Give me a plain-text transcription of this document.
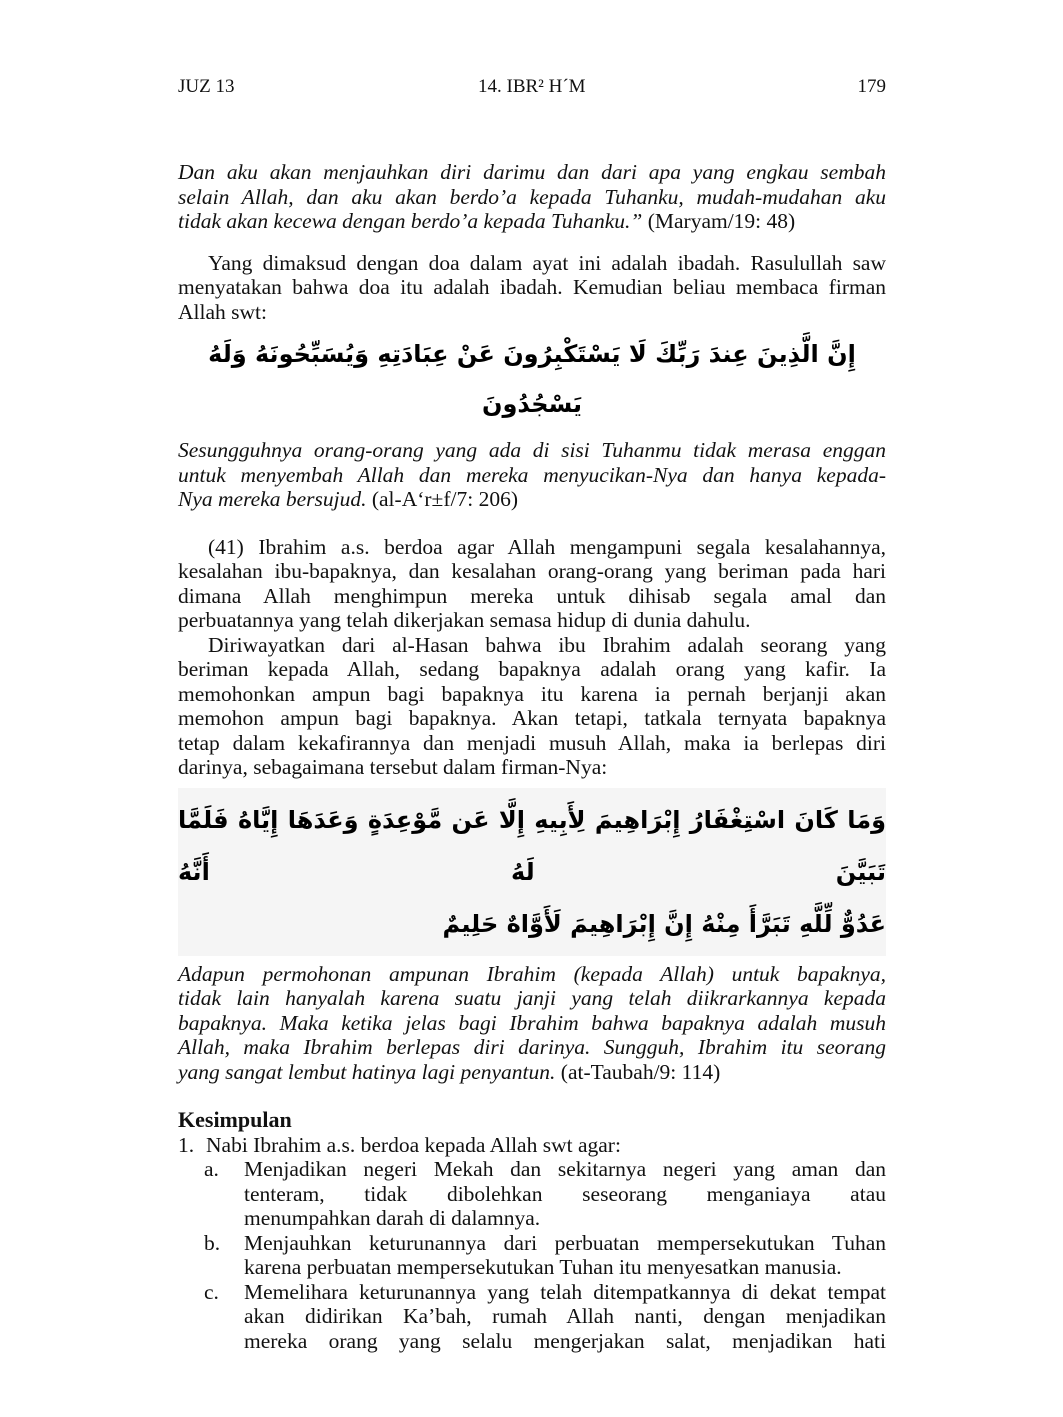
JUZ 13	14. IBR² H´M	179
Dan aku akan menjauhkan diri darimu dan dari apa yang engkau sembah
selain Allah, dan aku akan berdo’a kepada Tuhanku, mudah-mudahan aku
tidak akan kecewa dengan berdo’a kepada Tuhanku.” (Maryam/19: 48)
Yang dimaksud dengan doa dalam ayat ini adalah ibadah. Rasulullah saw
menyatakan bahwa doa itu adalah ibadah. Kemudian beliau membaca firman
Allah swt:
إِنَّ الَّذِينَ عِندَ رَبِّكَ لَا يَسْتَكْبِرُونَ عَنْ عِبَادَتِهِ وَيُسَبِّحُونَهُ وَلَهُ يَسْجُدُونَ
Sesungguhnya orang-orang yang ada di sisi Tuhanmu tidak merasa enggan
untuk menyembah Allah dan mereka menyucikan-Nya dan hanya kepada-
Nya mereka bersujud. (al-A‘r±f/7: 206)
(41) Ibrahim a.s. berdoa agar Allah mengampuni segala kesalahannya,
kesalahan ibu-bapaknya, dan kesalahan orang-orang yang beriman pada hari
dimana Allah menghimpun mereka untuk dihisab segala amal dan
perbuatannya yang telah dikerjakan semasa hidup di dunia dahulu.
Diriwayatkan dari al-Hasan bahwa ibu Ibrahim adalah seorang yang
beriman kepada Allah, sedang bapaknya adalah orang yang kafir. Ia
memohonkan ampun bagi bapaknya itu karena ia pernah berjanji akan
memohon ampun bagi bapaknya. Akan tetapi, tatkala ternyata bapaknya
tetap dalam kekafirannya dan menjadi musuh Allah, maka ia berlepas diri
darinya, sebagaimana tersebut dalam firman-Nya:
وَمَا كَانَ اسْتِغْفَارُ إِبْرَاهِيمَ لِأَبِيهِ إِلَّا عَن مَّوْعِدَةٍ وَعَدَهَا إِيَّاهُ فَلَمَّا تَبَيَّنَ لَهُ أَنَّهُ
عَدُوٌّ لِّلَّهِ تَبَرَّأَ مِنْهُ إِنَّ إِبْرَاهِيمَ لَأَوَّاهٌ حَلِيمٌ
Adapun permohonan ampunan Ibrahim (kepada Allah) untuk bapaknya,
tidak lain hanyalah karena suatu janji yang telah diikrarkannya kepada
bapaknya. Maka ketika jelas bagi Ibrahim bahwa bapaknya adalah musuh
Allah, maka Ibrahim berlepas diri darinya. Sungguh, Ibrahim itu seorang
yang sangat lembut hatinya lagi penyantun. (at-Taubah/9: 114)
Kesimpulan
1. Nabi Ibrahim a.s. berdoa kepada Allah swt agar:
a.	Menjadikan negeri Mekah dan sekitarnya negeri yang aman dan
tenteram, tidak dibolehkan seseorang menganiaya atau
menumpahkan darah di dalamnya.
b.	Menjauhkan keturunannya dari perbuatan mempersekutukan Tuhan
karena perbuatan mempersekutukan Tuhan itu menyesatkan manusia.
c.	Memelihara keturunannya yang telah ditempatkannya di dekat tempat
akan didirikan Ka’bah, rumah Allah nanti, dengan menjadikan
mereka orang yang selalu mengerjakan salat, menjadikan hati
